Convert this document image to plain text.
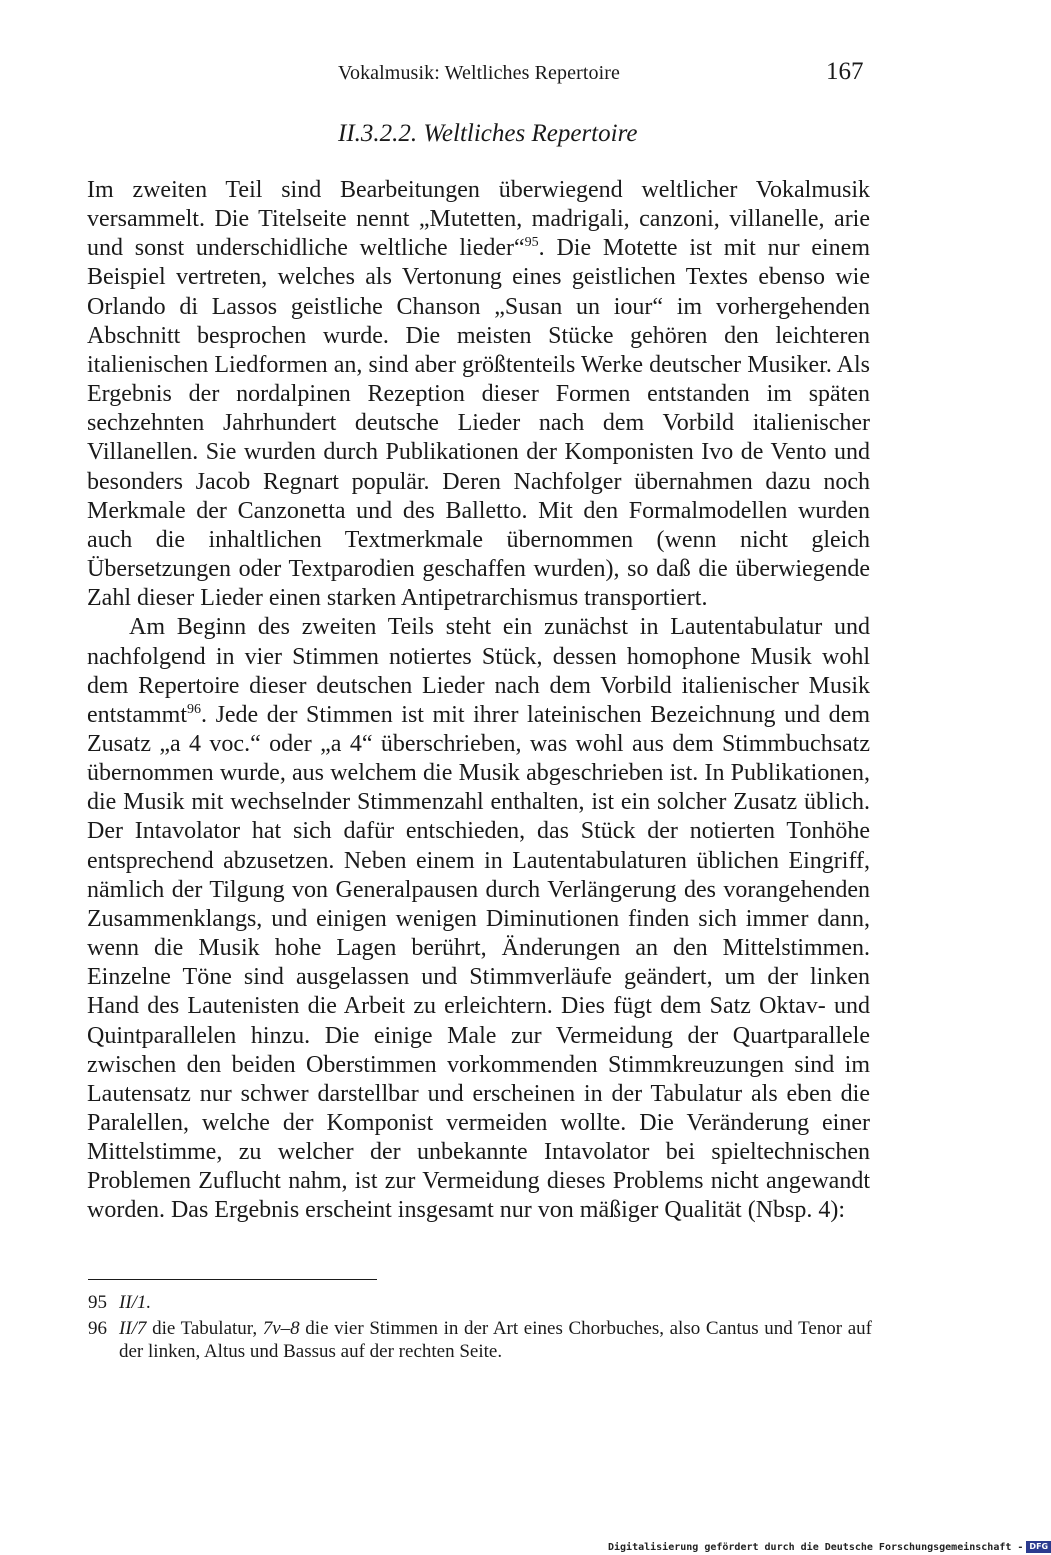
Vokalmusik: Weltliches Repertoire	167
II.3.2.2. Weltliches Repertoire

Im zweiten Teil sind Bearbeitungen überwiegend weltlicher Vokalmusik versammelt. Die Titelseite nennt „Mutetten, madrigali, canzoni, villanelle, arie und sonst underschidliche weltliche lieder“$^{95}$. Die Motette ist mit nur einem Beispiel vertreten, welches als Vertonung eines geistlichen Textes ebenso wie Orlando di Lassos geistliche Chanson „Susan un iour“ im vorhergehenden Abschnitt besprochen wurde. Die meisten Stücke gehören den leichteren italienischen Liedformen an, sind aber größtenteils Werke deutscher Musiker. Als Ergebnis der nordalpinen Rezeption dieser Formen entstanden im späten sechzehnten Jahrhundert deutsche Lieder nach dem Vorbild italienischer Villanellen. Sie wurden durch Publikationen der Komponisten Ivo de Vento und besonders Jacob Regnart populär. Deren Nachfolger übernahmen dazu noch Merkmale der Canzonetta und des Balletto. Mit den Formalmodellen wurden auch die inhaltlichen Textmerkmale übernommen (wenn nicht gleich Übersetzungen oder Textparodien geschaffen wurden), so daß die überwiegende Zahl dieser Lieder einen starken Antipetrarchismus transportiert.

Am Beginn des zweiten Teils steht ein zunächst in Lautentabulatur und nachfolgend in vier Stimmen notiertes Stück, dessen homophone Musik wohl dem Repertoire dieser deutschen Lieder nach dem Vorbild italienischer Musik entstammt$^{96}$. Jede der Stimmen ist mit ihrer lateinischen Bezeichnung und dem Zusatz „a 4 voc.“ oder „a 4“ überschrieben, was wohl aus dem Stimmbuchsatz übernommen wurde, aus welchem die Musik abgeschrieben ist. In Publikationen, die Musik mit wechselnder Stimmenzahl enthalten, ist ein solcher Zusatz üblich. Der Intavolator hat sich dafür entschieden, das Stück der notierten Tonhöhe entsprechend abzusetzen. Neben einem in Lautentabulaturen üblichen Eingriff, nämlich der Tilgung von Generalpausen durch Verlängerung des vorangehenden Zusammenklangs, und einigen wenigen Diminutionen finden sich immer dann, wenn die Musik hohe Lagen berührt, Änderungen an den Mittelstimmen. Einzelne Töne sind ausgelassen und Stimmverläufe geändert, um der linken Hand des Lautenisten die Arbeit zu erleichtern. Dies fügt dem Satz Oktav- und Quintparallelen hinzu. Die einige Male zur Vermeidung der Quartparallele zwischen den beiden Oberstimmen vorkommenden Stimmkreuzungen sind im Lautensatz nur schwer darstellbar und erscheinen in der Tabulatur als eben die Paralellen, welche der Komponist vermeiden wollte. Die Veränderung einer Mittelstimme, zu welcher der unbekannte Intavolator bei spieltechnischen Problemen Zuflucht nahm, ist zur Vermeidung dieses Problems nicht angewandt worden. Das Ergebnis erscheint insgesamt nur von mäßiger Qualität (Nbsp. 4):

95 II/1.
96 II/7 die Tabulatur, 7v–8 die vier Stimmen in der Art eines Chorbuches, also Cantus und Tenor auf der linken, Altus und Bassus auf der rechten Seite.
Digitalisierung gefördert durch die Deutsche Forschungsgemeinschaft - DFG
